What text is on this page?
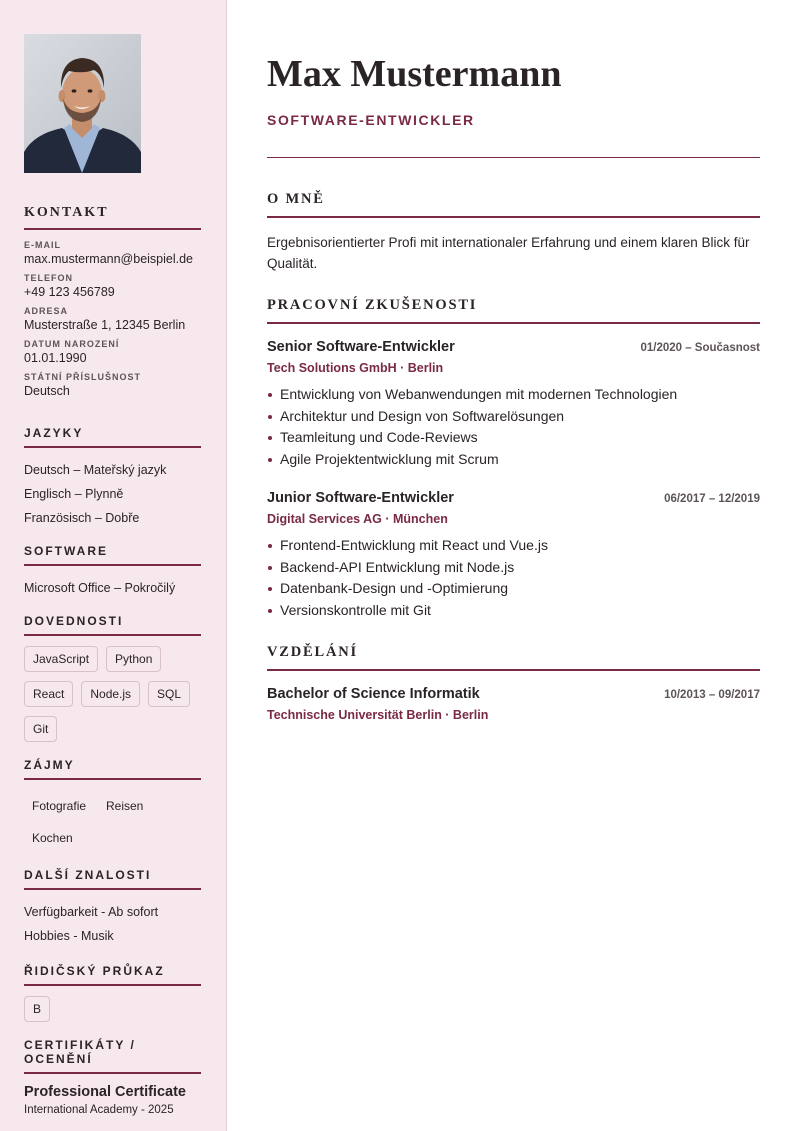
KONTAKT
E-MAIL
max.mustermann@beispiel.de
TELEFON
+49 123 456789
ADRESA
Musterstraße 1, 12345 Berlin
DATUM NAROZENÍ
01.01.1990
STÁTNÍ PŘÍSLUŠNOST
Deutsch
JAZYKY
Deutsch – Mateřský jazyk
Englisch – Plynně
Französisch – Dobře
SOFTWARE
Microsoft Office – Pokročilý
DOVEDNOSTI
JavaScript	Python
React	Node.js	SQL
Git
ZÁJMY
Fotografie	Reisen
Kochen
DALŠÍ ZNALOSTI
Verfügbarkeit - Ab sofort
Hobbies - Musik
ŘIDIČSKÝ PRŮKAZ
B
CERTIFIKÁTY / OCENĚNÍ
Professional Certificate
International Academy - 2025
Max Mustermann
SOFTWARE-ENTWICKLER
O MNĚ

Ergebnisorientierter Profi mit internationaler Erfahrung und einem klaren Blick für Qualität.

PRACOVNÍ ZKUŠENOSTI
Senior Software-Entwickler	01/2020 – Současnost
Tech Solutions GmbH · Berlin
Entwicklung von Webanwendungen mit modernen Technologien
Architektur und Design von Softwarelösungen
Teamleitung und Code-Reviews
Agile Projektentwicklung mit Scrum
Junior Software-Entwickler	06/2017 – 12/2019
Digital Services AG · München
Frontend-Entwicklung mit React und Vue.js
Backend-API Entwicklung mit Node.js
Datenbank-Design und -Optimierung
Versionskontrolle mit Git
VZDĚLÁNÍ
Bachelor of Science Informatik	10/2013 – 09/2017
Technische Universität Berlin · Berlin
